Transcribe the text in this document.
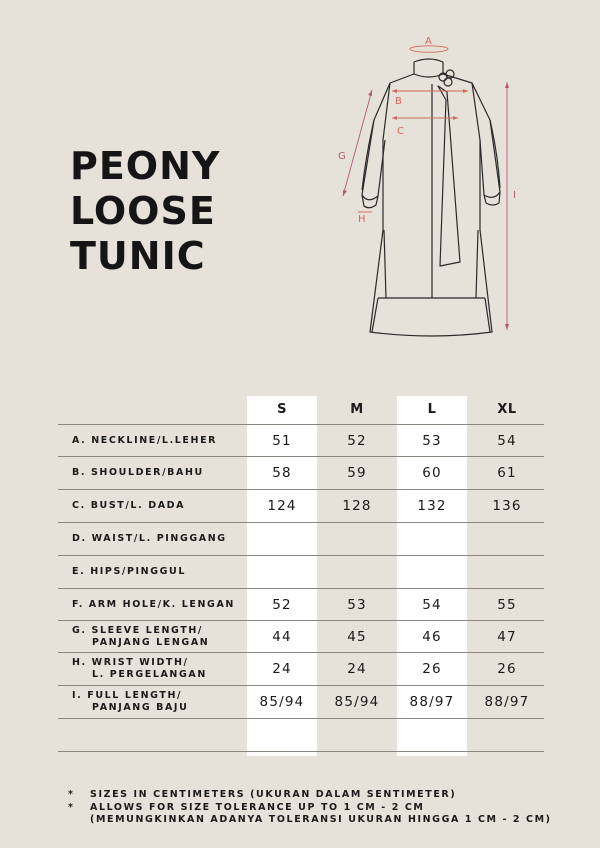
PEONY
LOOSE
TUNIC
A
B
C
H
G
I
S	M	L	XL
A. NECKLINE/L.LEHER	51	52	53	54
B. SHOULDER/BAHU	58	59	60	61
C. BUST/L. DADA	124	128	132	136
D. WAIST/L. PINGGANG
E. HIPS/PINGGUL
F. ARM HOLE/K. LENGAN	52	53	54	55
G. SLEEVE LENGTH/
PANJANG LENGAN	44	45	46	47
H. WRIST WIDTH/
L. PERGELANGAN	24	24	26	26
I. FULL LENGTH/
PANJANG BAJU	85/94	85/94	88/97	88/97
* SIZES IN CENTIMETERS (UKURAN DALAM SENTIMETER)
* ALLOWS FOR SIZE TOLERANCE UP TO 1 CM - 2 CM
(MEMUNGKINKAN ADANYA TOLERANSI UKURAN HINGGA 1 CM - 2 CM)
